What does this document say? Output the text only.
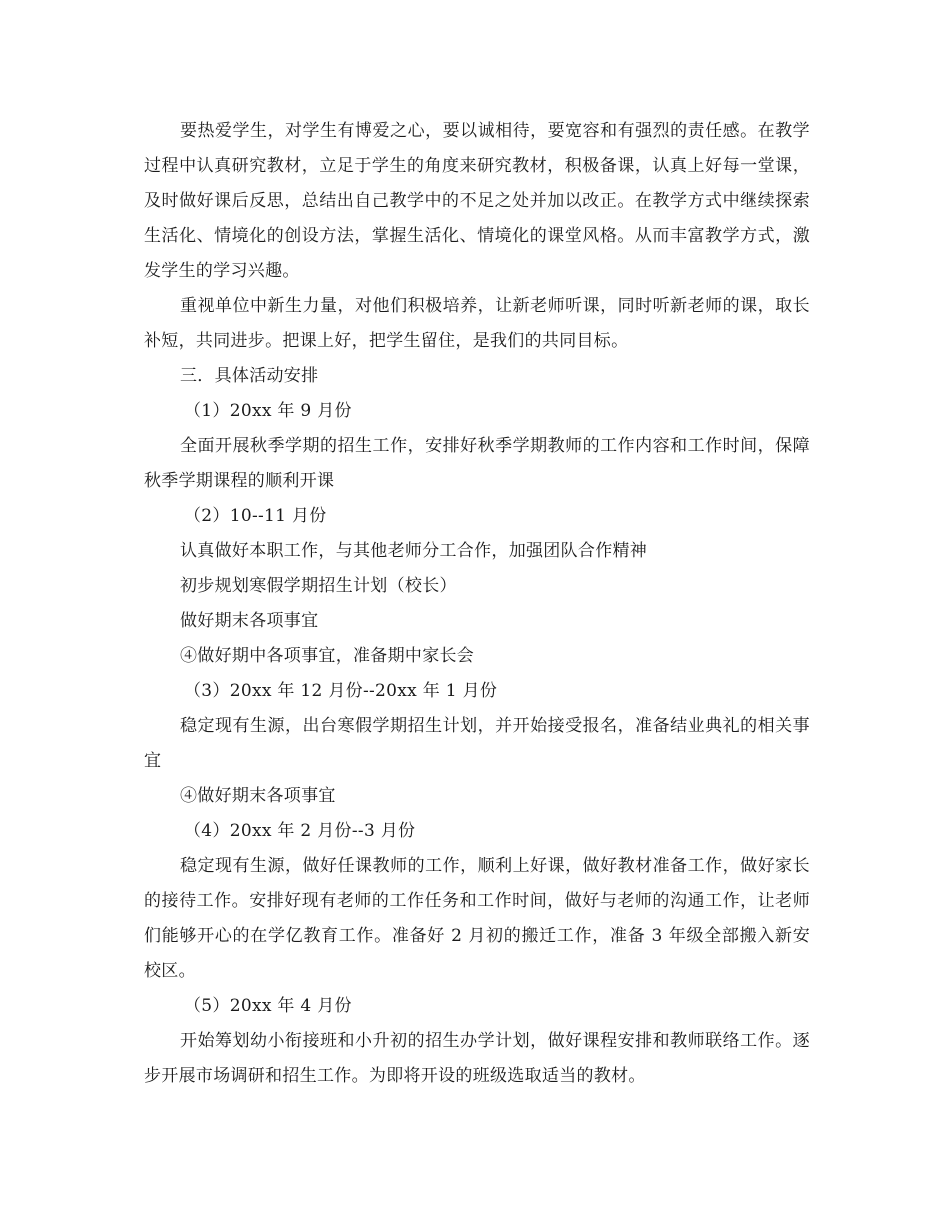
要热爱学生，对学生有博爱之心，要以诚相待，要宽容和有强烈的责任感。在教学过程中认真研究教材，立足于学生的角度来研究教材，积极备课，认真上好每一堂课，及时做好课后反思，总结出自己教学中的不足之处并加以改正。在教学方式中继续探索生活化、情境化的创设方法，掌握生活化、情境化的课堂风格。从而丰富教学方式，激发学生的学习兴趣。

重视单位中新生力量，对他们积极培养，让新老师听课，同时听新老师的课，取长补短，共同进步。把课上好，把学生留住，是我们的共同目标。

三．具体活动安排

（1）20xx 年 9 月份

全面开展秋季学期的招生工作，安排好秋季学期教师的工作内容和工作时间，保障秋季学期课程的顺利开课

（2）10--11 月份

认真做好本职工作，与其他老师分工合作，加强团队合作精神

初步规划寒假学期招生计划（校长）

做好期末各项事宜

④做好期中各项事宜，准备期中家长会

（3）20xx 年 12 月份--20xx 年 1 月份

稳定现有生源，出台寒假学期招生计划，并开始接受报名，准备结业典礼的相关事宜

④做好期末各项事宜

（4）20xx 年 2 月份--3 月份

稳定现有生源，做好任课教师的工作，顺利上好课，做好教材准备工作，做好家长的接待工作。安排好现有老师的工作任务和工作时间，做好与老师的沟通工作，让老师们能够开心的在学亿教育工作。准备好 2 月初的搬迁工作，准备 3 年级全部搬入新安校区。

（5）20xx 年 4 月份

开始筹划幼小衔接班和小升初的招生办学计划，做好课程安排和教师联络工作。逐步开展市场调研和招生工作。为即将开设的班级选取适当的教材。
